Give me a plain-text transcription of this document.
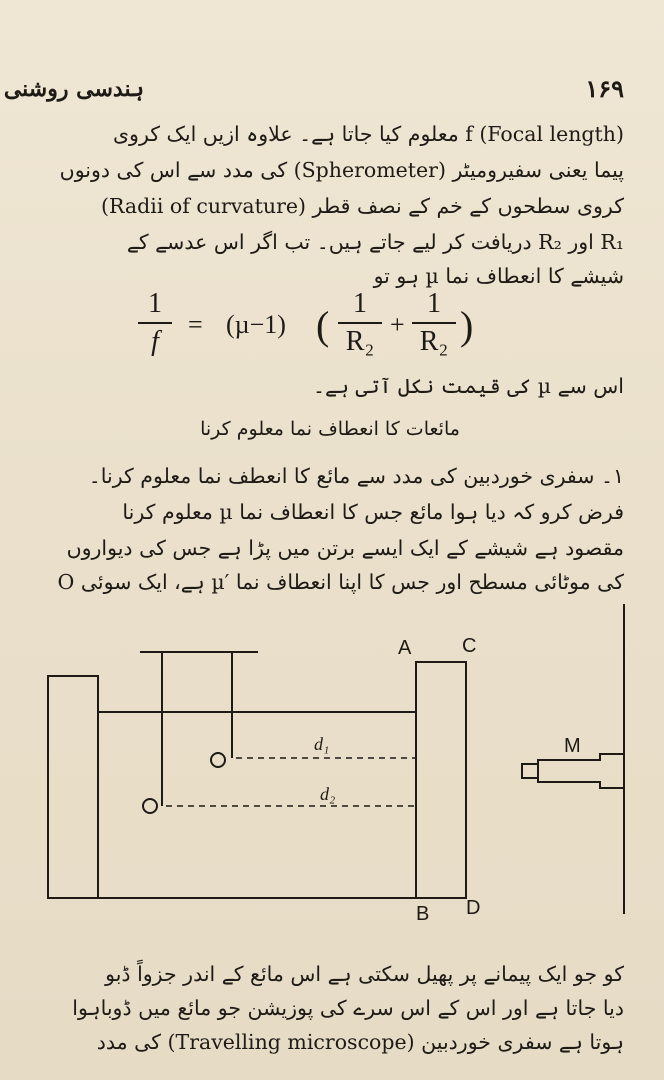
ہندسی روشنی	۱۶۹
f (Focal length) معلوم کیا جاتا ہے۔ علاوہ ازیں ایک کروی
پیما یعنی سفیرومیٹر (Spherometer) کی مدد سے اس کی دونوں
کروی سطحوں کے خم کے نصف قطر (Radii of curvature)
R₁ اور R₂ دریافت کر لیے جاتے ہیں۔ تب اگر اس عدسے کے
شیشے کا انعطاف نما µ ہو تو
1
f
= (µ−1) ( 1
R₂
+
1
R₂ )
اس سے µ کی قیمت نکل آتی ہے۔
مائعات کا انعطاف نما معلوم کرنا
۱۔ سفری خوردبین کی مدد سے مائع کا انعطف نما معلوم کرنا۔
فرض کرو کہ دیا ہوا مائع جس کا انعطاف نما µ معلوم کرنا
مقصود ہے شیشے کے ایک ایسے برتن میں پڑا ہے جس کی دیواروں
کی موٹائی مسطح اور جس کا اپنا انعطاف نما ′µ ہے، ایک سوئی O
A	C
B D
M
d₁
d₂
کو جو ایک پیمانے پر پھیل سکتی ہے اس مائع کے اندر جزواً ڈبو
دیا جاتا ہے اور اس کے اس سرے کی پوزیشن جو مائع میں ڈوباہوا
ہوتا ہے سفری خوردبین (Travelling microscope) کی مدد
